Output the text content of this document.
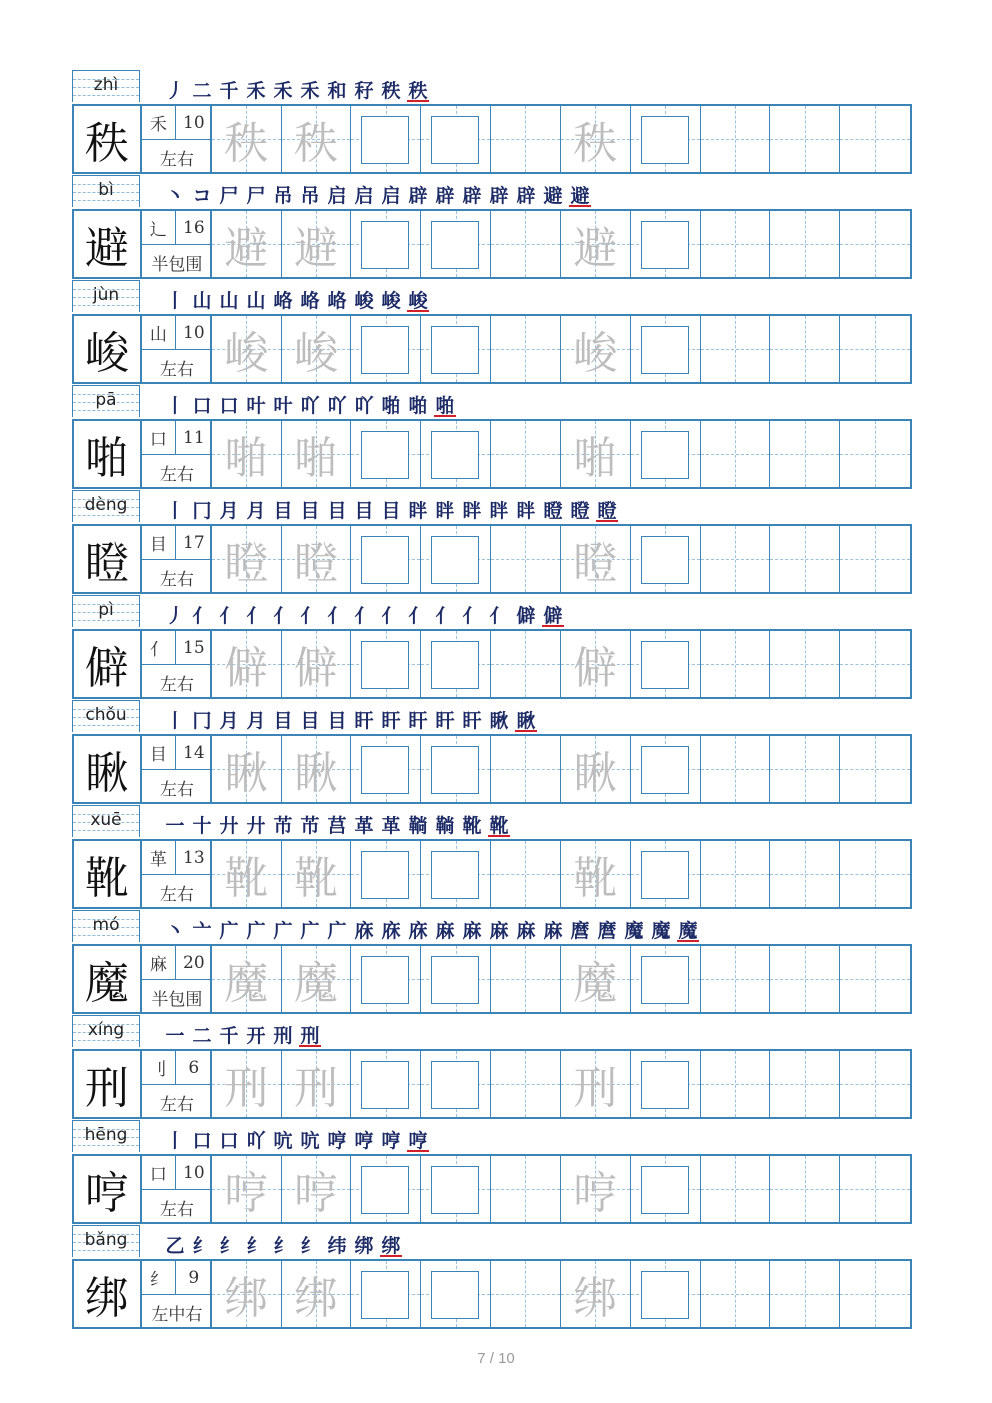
zhì	丿 二 千 禾 禾 禾 和 秄 秩 秩
秩	禾 10
左右 秩 秩	秩
bì	丶 コ 尸 尸 吊 吊 启 启 启 辟 辟 辟 辟 辟 避 避
避	辶 16
半包围 避 避	避
jùn	丨 山 山 山 峈 峈 峈 峻 峻 峻
峻	山 10
左右 峻 峻	峻
pā	丨 口 口 叶 叶 吖 吖 吖 啪 啪 啪
啪	口 11
左右 啪 啪	啪
dèng	丨 冂 月 月 目 目 目 目 目 眫 眫 眫 眫 眫 瞪 瞪 瞪
瞪	目 17
左右 瞪 瞪	瞪
pì	丿 亻 亻 亻 亻 亻 亻 亻 亻 亻 亻 亻 亻 僻 僻
僻	亻 15
左右 僻 僻	僻
chǒu	丨 冂 月 月 目 目 目 盰 盰 盰 盰 盰 瞅 瞅
瞅	目 14
左右 瞅 瞅	瞅
xuē	一 十 廾 廾 芇 芇 莒 革 革 鞝 鞝 靴 靴
靴	革 13
左右 靴 靴	靴
mó	丶 亠 广 广 广 广 广 庥 庥 庥 麻 麻 麻 麻 麻 麿 麿 魔 魔 魔
魔	麻 20
半包围 魔 魔	魔
xíng	一 二 千 开 刑 刑
刑	刂	6
左右 刑 刑	刑
hēng	丨 口 口 吖 吭 吭 哼 哼 哼 哼
哼	口 10
左右 哼 哼	哼
bǎng	乙 纟 纟 纟 纟 纟 纬 绑 绑
绑	纟	9
左中右 绑 绑	绑
7 / 10
